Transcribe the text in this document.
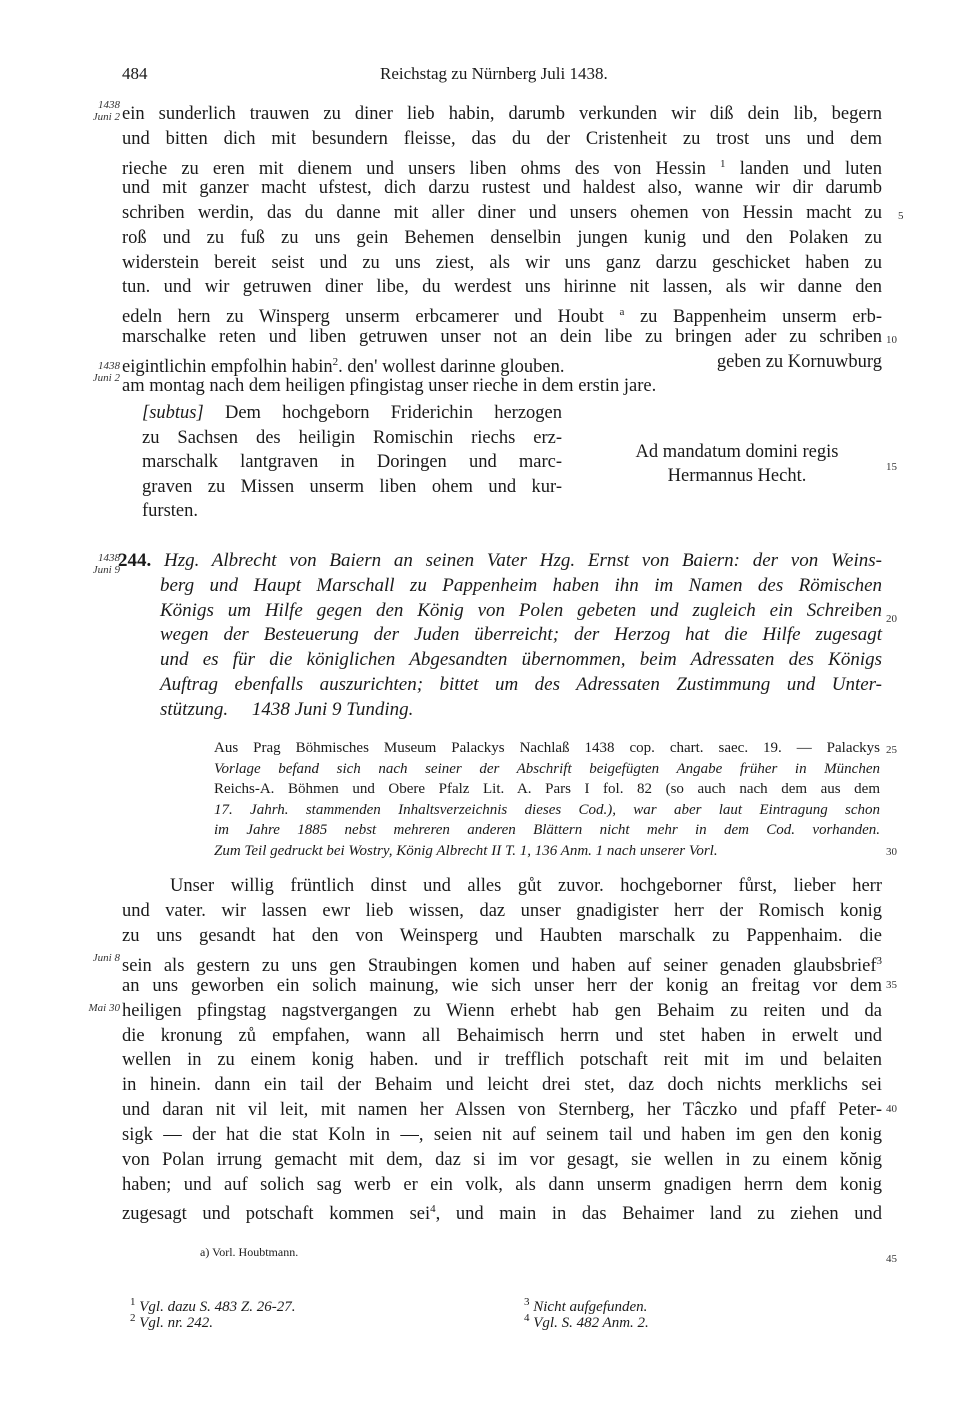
484	Reichstag zu Nürnberg Juli 1438.
1438
Juni 2
1438
Juni 2
1438
Juni 9
Juni 8
Mai 30
5
10
15
20
25
30
35
40
45
ein sunderlich trauwen zu diner lieb habin, darumb verkunden wir diß dein lib, begern
und bitten dich mit besundern fleisse, das du der Cristenheit zu trost uns und dem
rieche zu eren mit dienem und unsers liben ohms des von Hessin $^1$ landen und luten
und mit ganzer macht ufstest, dich darzu rustest und haldest also, wanne wir dir darumb
schriben werdin, das du danne mit aller diner und unsers ohemen von Hessin macht zu
roß und zu fuß zu uns gein Behemen denselbin jungen kunig und den Polaken zu
widerstein bereit seist und zu uns ziest, als wir uns ganz darzu geschicket haben zu
tun. und wir getruwen diner libe, du werdest uns hirinne nit lassen, als wir danne den
edeln hern zu Winsperg unserm erbcamerer und Houbt $^a$ zu Bappenheim unserm erb-
marschalke reten und liben getruwen unser not an dein libe zu bringen ader zu schriben
eigintlichin empfolhin habin$^2$. den' wollest darinne glouben.	geben zu Kornuwburg
am montag nach dem heiligen pfingistag unser rieche in dem erstin jare.
[subtus] Dem hochgeborn Friderichin herzogen
zu Sachsen des heiligin Romischin riechs erz-
marschalk lantgraven in Doringen und marc-
graven zu Missen unserm liben ohem und kur-
fursten.
Ad mandatum domini regis
Hermannus Hecht.
244. Hzg. Albrecht von Baiern an seinen Vater Hzg. Ernst von Baiern: der von Weins-
berg und Haupt Marschall zu Pappenheim haben ihn im Namen des Römischen
Königs um Hilfe gegen den König von Polen gebeten und zugleich ein Schreiben
wegen der Besteuerung der Juden überreicht; der Herzog hat die Hilfe zugesagt
und es für die königlichen Abgesandten übernommen, beim Adressaten des Königs
Auftrag ebenfalls auszurichten; bittet um des Adressaten Zustimmung und Unter-
stützung.     1438 Juni 9 Tunding.
Aus Prag Böhmisches Museum Palackys Nachlaß 1438 cop. chart. saec. 19. — Palackys
Vorlage befand sich nach seiner der Abschrift beigefügten Angabe früher in München
Reichs-A. Böhmen und Obere Pfalz Lit. A. Pars I fol. 82 (so auch nach dem aus dem
17. Jahrh. stammenden Inhaltsverzeichnis dieses Cod.), war aber laut Eintragung schon
im Jahre 1885 nebst mehreren anderen Blättern nicht mehr in dem Cod. vorhanden.
Zum Teil gedruckt bei Wostry, König Albrecht II T. 1, 136 Anm. 1 nach unserer Vorl.
Unser willig früntlich dinst und alles gůt zuvor. hochgeborner fůrst, lieber herr
und vater. wir lassen ewr lieb wissen, daz unser gnadigister herr der Romisch konig
zu uns gesandt hat den von Weinsperg und Haubten marschalk zu Pappenhaim. die
sein als gestern zu uns gen Straubingen komen und haben auf seiner genaden glaubsbrief$^3$
an uns geworben ein solich mainung, wie sich unser herr der konig an freitag vor dem
heiligen pfingstag nagstvergangen zu Wienn erhebt hab gen Behaim zu reiten und da
die kronung zů empfahen, wann all Behaimisch herrn und stet haben in erwelt und
wellen in zu einem konig haben. und ir trefflich potschaft reit mit im und belaiten
in hinein. dann ein tail der Behaim und leicht drei stet, daz doch nichts merklichs sei
und daran nit vil leit, mit namen her Alssen von Sternberg, her Tâczko und pfaff Peter-
sigk — der hat die stat Koln in —, seien nit auf seinem tail und haben im gen den konig
von Polan irrung gemacht mit dem, daz si im vor gesagt, sie wellen in zu einem kŏnig
haben; und auf solich sag werb er ein volk, als dann unserm gnadigen herrn dem konig
zugesagt und potschaft kommen sei$^4$, und main in das Behaimer land zu ziehen und
a) Vorl. Houbtmann.
$^1$ Vgl. dazu S. 483 Z. 26-27.
$^2$ Vgl. nr. 242.
$^3$ Nicht aufgefunden.
$^4$ Vgl. S. 482 Anm. 2.
